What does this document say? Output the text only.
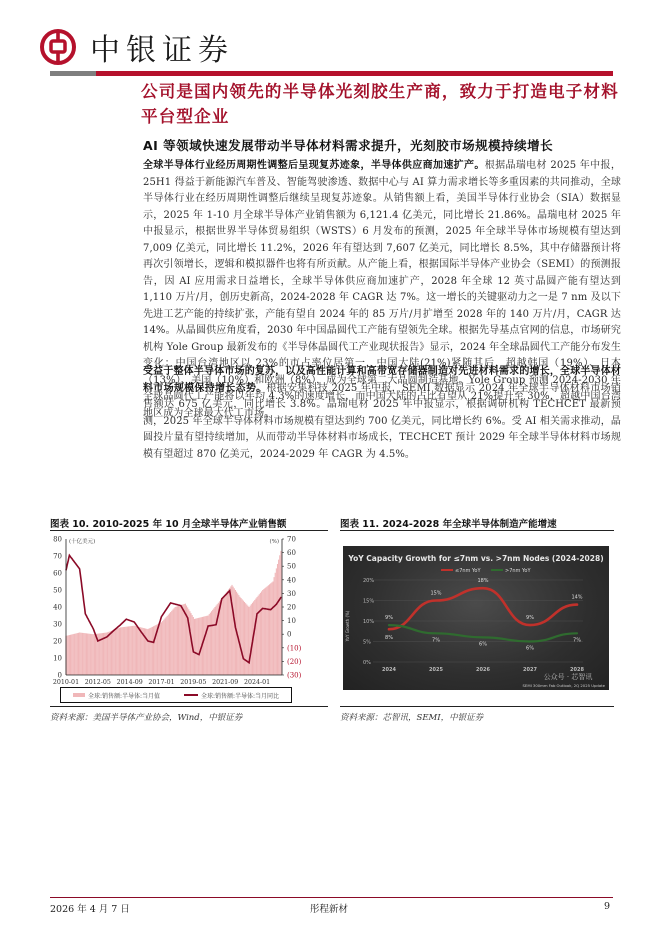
中银证券
公司是国内领先的半导体光刻胶生产商，致力于打造电子材料平台型企业
AI 等领域快速发展带动半导体材料需求提升，光刻胶市场规模持续增长
全球半导体行业经历周期性调整后呈现复苏迹象，半导体供应商加速扩产。根据晶瑞电材 2025 年中报，25H1 得益于新能源汽车普及、智能驾驶渗透、数据中心与 AI 算力需求增长等多重因素的共同推动，全球半导体行业在经历周期性调整后继续呈现复苏迹象。从销售额上看，美国半导体行业协会（SIA）数据显示，2025 年 1-10 月全球半导体产业销售额为 6,121.4 亿美元，同比增长 21.86%。晶瑞电材 2025 年中报显示，根据世界半导体贸易组织（WSTS）6 月发布的预测，2025 年全球半导体市场规模有望达到 7,009 亿美元，同比增长 11.2%，2026 年有望达到 7,607 亿美元，同比增长 8.5%，其中存储器预计将再次引领增长，逻辑和模拟器件也将有所贡献。从产能上看，根据国际半导体产业协会（SEMI）的预测报告，因 AI 应用需求日益增长，全球半导体供应商加速扩产，2028 年全球 12 英寸晶圆产能有望达到 1,110 万片/月，创历史新高，2024-2028 年 CAGR 达 7%。这一增长的关键驱动力之一是 7 nm 及以下先进工艺产能的持续扩张，产能有望自 2024 年的 85 万片/月扩增至 2028 年的 140 万片/月，CAGR 达 14%。从晶圆供应角度看，2030 年中国晶圆代工产能有望领先全球。根据先导基点官网的信息，市场研究机构 Yole Group 最新发布的《半导体晶圆代工产业现状报告》显示，2024 年全球晶圆代工产能分布发生变化：中国台湾地区以 23%的市占率位居第一，中国大陆(21%)紧随其后，超越韩国（19%）、日本（13%）、美国（10%）和欧洲（8%），成为全球第二大晶圆制造基地。Yole Group 预测 2024-2030 年全球晶圆代工产能将以年均 4.3%的速度增长，而中国大陆的占比有望从 21%提升至 30%，超越中国台湾地区成为全球最大代工市场。
受益于整体半导体市场的复苏，以及高性能计算和高带宽存储器制造对先进材料需求的增长，全球半导体材料市场规模保持增长态势。根据安集科技 2025 年中报，SEMI 数据显示 2024 年全球半导体材料市场销售额达 675 亿美元，同比增长 3.8%。晶瑞电材 2025 年中报显示，根据调研机构 TECHCET 最新预测，2025 年全球半导体材料市场规模有望达到约 700 亿美元，同比增长约 6%。受 AI 相关需求推动，晶圆投片量有望持续增加，从而带动半导体材料市场成长，TECHCET 预计 2029 年全球半导体材料市场规模有望超过 870 亿美元，2024-2029 年 CAGR 为 4.5%。
图表 10. 2010-2025 年 10 月全球半导体产业销售额
0
10
20
30
40
50
60
70
80
(30)
(20)
(10)
0
10
20
30
40
50
60
70
(十亿美元)	(%)
2010-01 2012-05 2014-09 2017-01 2019-05 2021-09 2024-01
全球:销售额:半导体:当月值	全球:销售额:半导体:当月同比
资料来源：美国半导体产业协会，Wind，中银证券
图表 11. 2024-2028 年全球半导体制造产能增速
YoY Capacity Growth for ≤7nm vs. >7nm Nodes (2024-2028)
≤7nm YoY	>7nm YoY
8%
15%
18%
9%
14%
9%
7%
6%
6%
7%
0%
5%
10%
15%
20%
2024	2025	2026	2027	2028
YoY Growth (%)
公众号 · 芯智讯
SEMI 300mm Fab Outlook, 2Q 2025 Update
资料来源：芯智讯，SEMI，中银证券
2026 年 4 月 7 日	彤程新材	9
